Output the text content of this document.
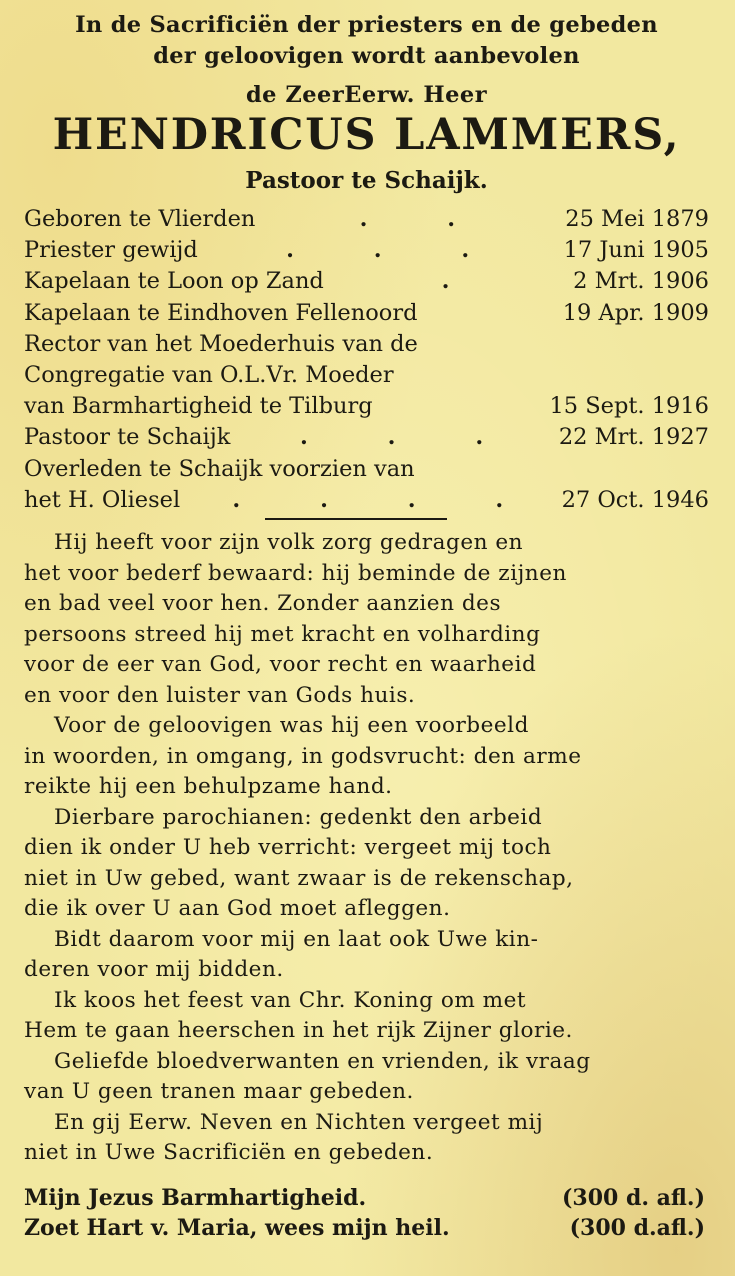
In de Sacrificiën der priesters en de gebeden
der geloovigen wordt aanbevolen
de ZeerEerw. Heer
HENDRICUS LAMMERS,
Pastoor te Schaijk.
Geboren te Vlierden	. .	25 Mei 1879
Priester gewijd	. . .	17 Juni 1905
Kapelaan te Loon op Zand	.	2 Mrt. 1906
Kapelaan te Eindhoven Fellenoord	19 Apr. 1909
Rector van het Moederhuis van de
Congregatie van O.L.Vr. Moeder
van Barmhartigheid te Tilburg	15 Sept. 1916
Pastoor te Schaijk	. . .	22 Mrt. 1927
Overleden te Schaijk voorzien van
het H. Oliesel	. . . . 27 Oct. 1946

Hij heeft voor zijn volk zorg gedragen en
het voor bederf bewaard: hij beminde de zijnen
en bad veel voor hen. Zonder aanzien des
persoons streed hij met kracht en volharding
voor de eer van God, voor recht en waarheid
en voor den luister van Gods huis.

Voor de geloovigen was hij een voorbeeld
in woorden, in omgang, in godsvrucht: den arme
reikte hij een behulpzame hand.

Dierbare parochianen: gedenkt den arbeid
dien ik onder U heb verricht: vergeet mij toch
niet in Uw gebed, want zwaar is de rekenschap,
die ik over U aan God moet afleggen.

Bidt daarom voor mij en laat ook Uwe kin-
deren voor mij bidden.

Ik koos het feest van Chr. Koning om met
Hem te gaan heerschen in het rijk Zijner glorie.

Geliefde bloedverwanten en vrienden, ik vraag
van U geen tranen maar gebeden.

En gij Eerw. Neven en Nichten vergeet mij
niet in Uwe Sacrificiën en gebeden.

Mijn Jezus Barmhartigheid.	(300 d. afl.)
Zoet Hart v. Maria, wees mijn heil.	(300 d.afl.)
